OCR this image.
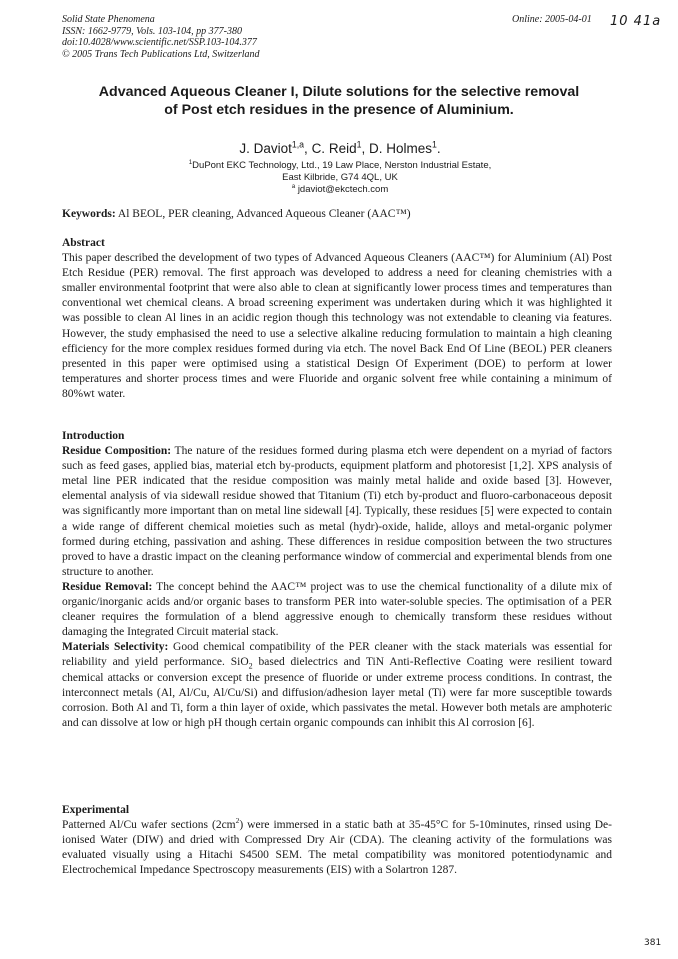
Solid State Phenomena
ISSN: 1662-9779, Vols. 103-104, pp 377-380
doi:10.4028/www.scientific.net/SSP.103-104.377
© 2005 Trans Tech Publications Ltd, Switzerland
Online: 2005-04-01 10 41a
Advanced Aqueous Cleaner I, Dilute solutions for the selective removal
of Post etch residues in the presence of Aluminium.
J. Daviot$^{1,a}$, C. Reid$^1$, D. Holmes$^1$.
$^1$DuPont EKC Technology, Ltd., 19 Law Place, Nerston Industrial Estate,
East Kilbride, G74 4QL, UK
$^a$ jdaviot@ekctech.com
Keywords: Al BEOL, PER cleaning, Advanced Aqueous Cleaner (AAC™)
Abstract

This paper described the development of two types of Advanced Aqueous Cleaners (AAC™) for Aluminium (Al) Post Etch Residue (PER) removal. The first approach was developed to address a need for cleaning chemistries with a smaller environmental footprint that were also able to clean at significantly lower process times and temperatures than conventional wet chemical cleans. A broad screening experiment was undertaken during which it was highlighted it was possible to clean Al lines in an acidic region though this technology was not extendable to cleaning via features. However, the study emphasised the need to use a selective alkaline reducing formulation to maintain a high cleaning efficiency for the more complex residues formed during via etch. The novel Back End Of Line (BEOL) PER cleaners presented in this paper were optimised using a statistical Design Of Experiment (DOE) to perform at lower temperatures and shorter process times and were Fluoride and organic solvent free while containing a minimum of 80%wt water.

Introduction

Residue Composition: The nature of the residues formed during plasma etch were dependent on a myriad of factors such as feed gases, applied bias, material etch by-products, equipment platform and photoresist [1,2]. XPS analysis of metal line PER indicated that the residue composition was mainly metal halide and oxide based [3]. However, elemental analysis of via sidewall residue showed that Titanium (Ti) etch by-product and fluoro-carbonaceous deposit was significantly more important than on metal line sidewall [4]. Typically, these residues [5] were expected to contain a wide range of different chemical moieties such as metal (hydr)-oxide, halide, alloys and metal-organic polymer formed during etching, passivation and ashing. These differences in residue composition between the two structures proved to have a drastic impact on the cleaning performance window of commercial and experimental blends from one structure to another.

Residue Removal: The concept behind the AAC™ project was to use the chemical functionality of a dilute mix of organic/inorganic acids and/or organic bases to transform PER into water-soluble species. The optimisation of a PER cleaner requires the formulation of a blend aggressive enough to chemically transform these residues without damaging the Integrated Circuit material stack.

Materials Selectivity: Good chemical compatibility of the PER cleaner with the stack materials was essential for reliability and yield performance. SiO$_2$ based dielectrics and TiN Anti-Reflective Coating were resilient toward chemical attacks or conversion except the presence of fluoride or under extreme process conditions. In contrast, the interconnect metals (Al, Al/Cu, Al/Cu/Si) and diffusion/adhesion layer metal (Ti) were far more susceptible towards corrosion. Both Al and Ti, form a thin layer of oxide, which passivates the metal. However both metals are amphoteric and can dissolve at low or high pH though certain organic compounds can inhibit this Al corrosion [6].

Experimental

Patterned Al/Cu wafer sections $(2cm^2)$ were immersed in a static bath at 35-45°C for 5-10minutes, rinsed using De-ionised Water (DIW) and dried with Compressed Dry Air (CDA). The cleaning activity of the formulations was evaluated visually using a Hitachi S4500 SEM. The metal compatibility was monitored potentiodynamic and Electrochemical Impedance Spectroscopy measurements (EIS) with a Solartron 1287.

381
